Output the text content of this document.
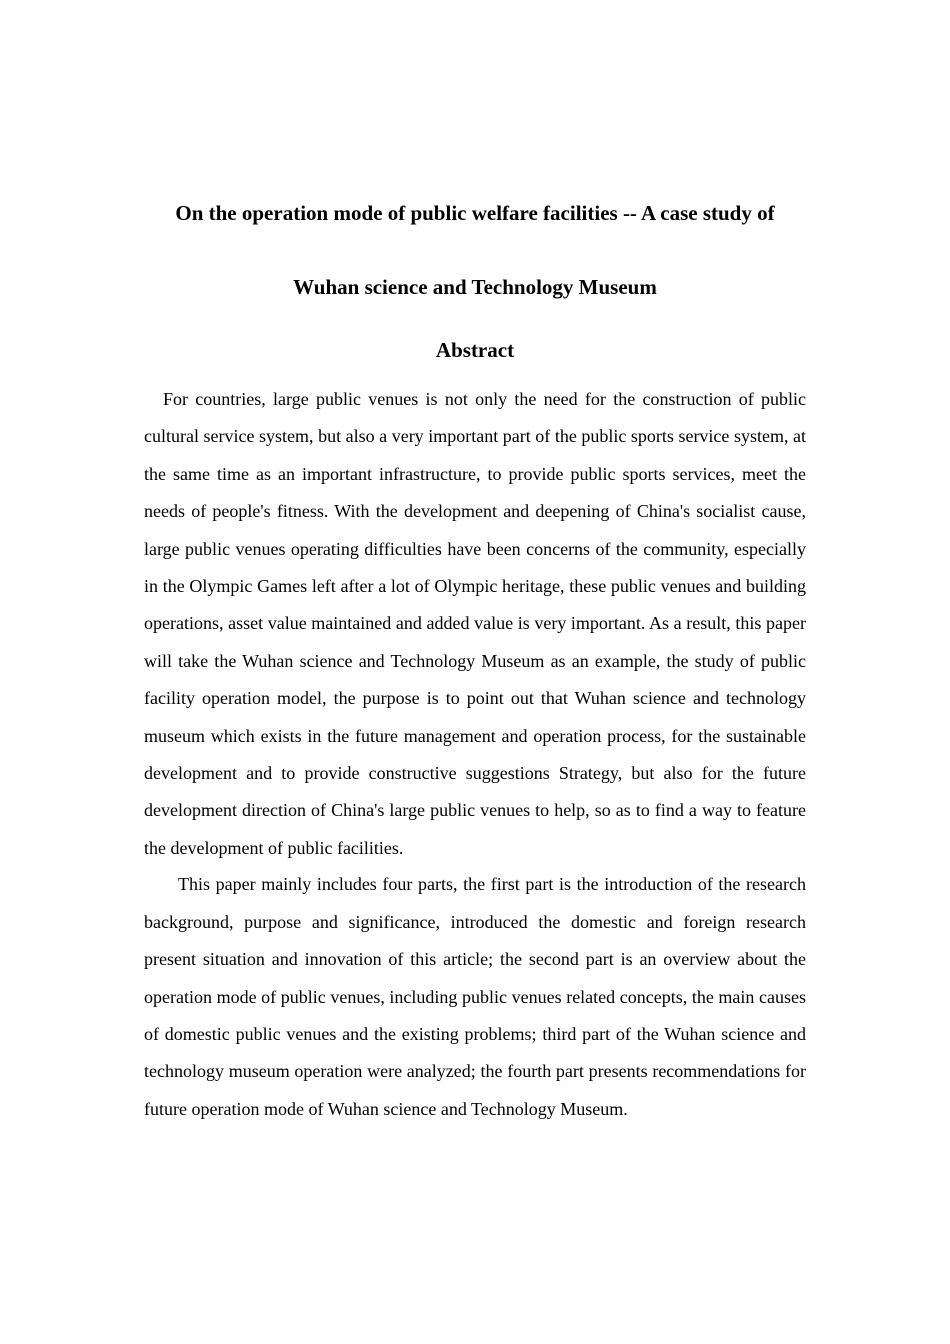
On the operation mode of public welfare facilities -- A case study of
Wuhan science and Technology Museum
Abstract

For countries, large public venues is not only the need for the construction of public cultural service system, but also a very important part of the public sports service system, at the same time as an important infrastructure, to provide public sports services, meet the needs of people's fitness. With the development and deepening of China's socialist cause, large public venues operating difficulties have been concerns of the community, especially in the Olympic Games left after a lot of Olympic heritage, these public venues and building operations, asset value maintained and added value is very important. As a result, this paper will take the Wuhan science and Technology Museum as an example, the study of public facility operation model, the purpose is to point out that Wuhan science and technology museum which exists in the future management and operation process, for the sustainable development and to provide constructive suggestions Strategy, but also for the future development direction of China's large public venues to help, so as to find a way to feature the development of public facilities.

This paper mainly includes four parts, the first part is the introduction of the research background, purpose and significance, introduced the domestic and foreign research present situation and innovation of this article; the second part is an overview about the operation mode of public venues, including public venues related concepts, the main causes of domestic public venues and the existing problems; third part of the Wuhan science and technology museum operation were analyzed; the fourth part presents recommendations for future operation mode of Wuhan science and Technology Museum.
